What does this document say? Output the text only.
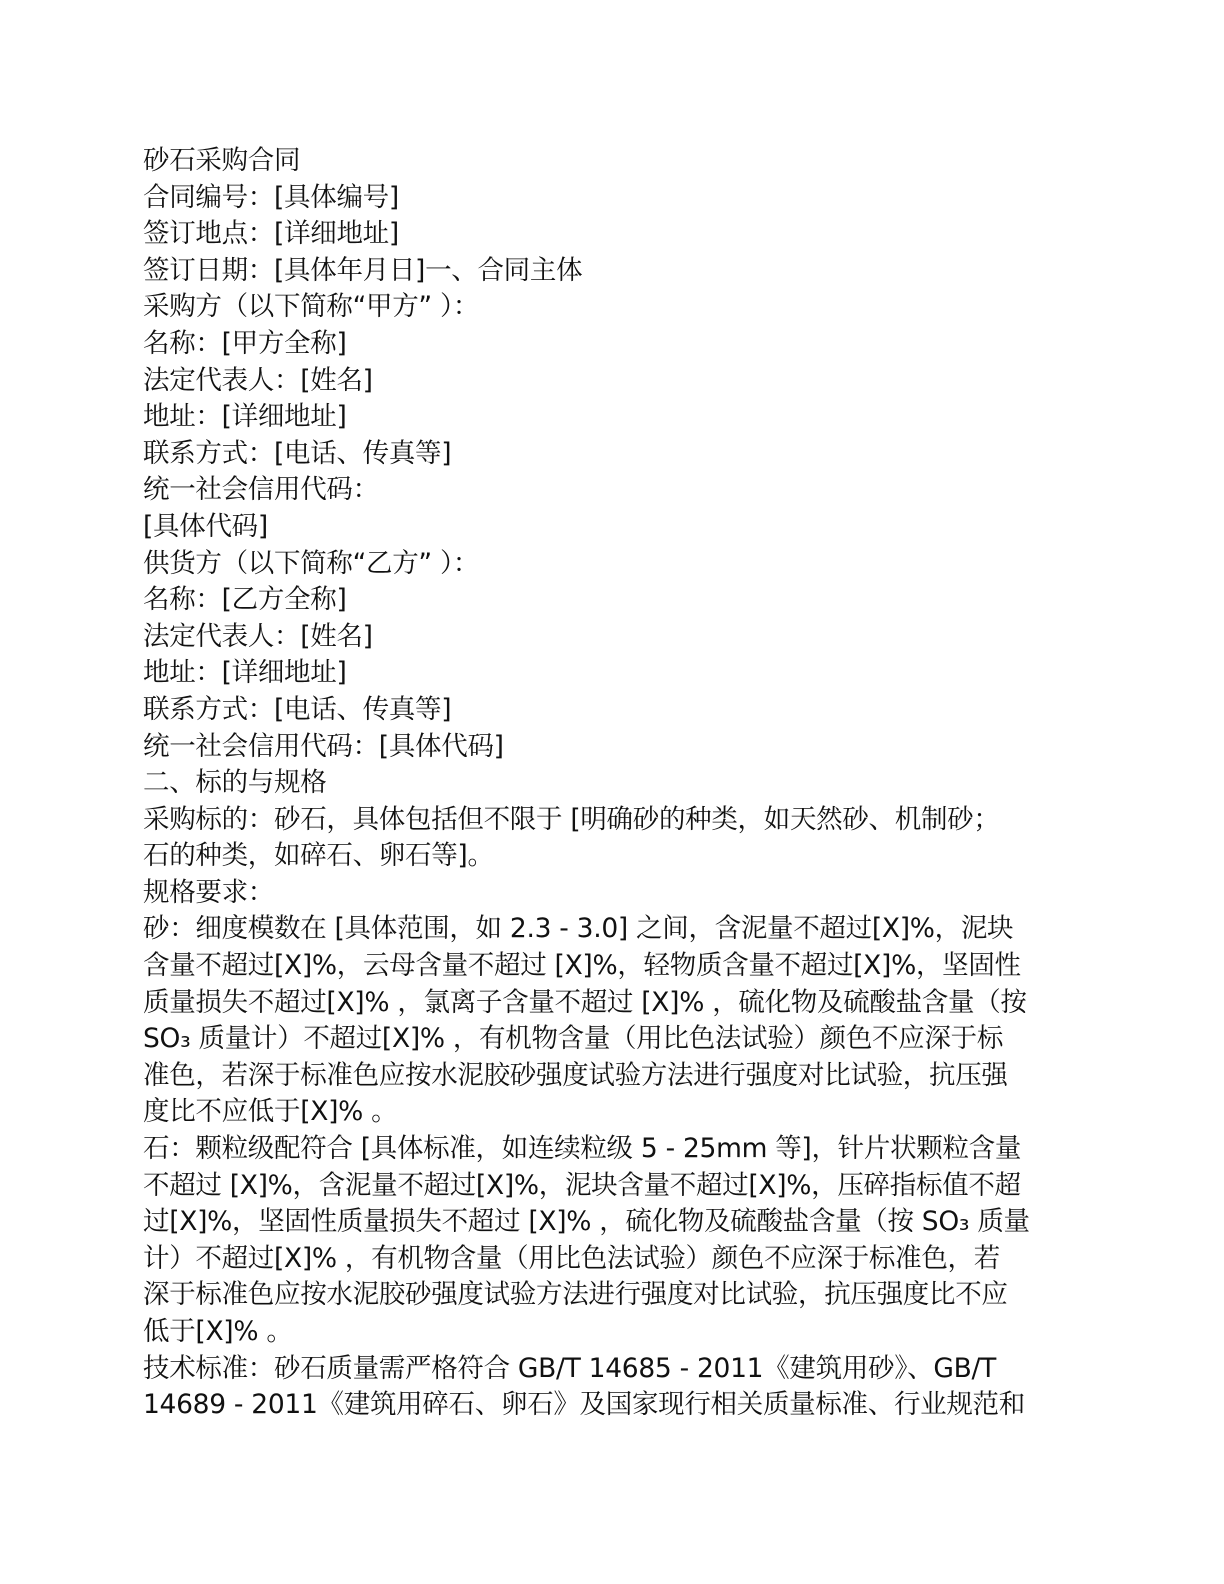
砂石采购合同
合同编号：[具体编号]
签订地点：[详细地址]
签订日期：[具体年月日]一、合同主体
采购方（以下简称“甲方” ）：
名称：[甲方全称]
法定代表人：[姓名]
地址：[详细地址]
联系方式：[电话、传真等]
统一社会信用代码：
[具体代码]
供货方（以下简称“乙方” ）：
名称：[乙方全称]
法定代表人：[姓名]
地址：[详细地址]
联系方式：[电话、传真等]
统一社会信用代码：[具体代码]
二、标的与规格
采购标的：砂石，具体包括但不限于 [明确砂的种类，如天然砂、机制砂；
石的种类，如碎石、卵石等]。
规格要求：
砂：细度模数在 [具体范围，如 2.3 - 3.0] 之间，含泥量不超过[X]%，泥块
含量不超过[X]%，云母含量不超过 [X]%，轻物质含量不超过[X]%，坚固性
质量损失不超过[X]% ，氯离子含量不超过 [X]% ，硫化物及硫酸盐含量（按
SO₃ 质量计）不超过[X]% ，有机物含量（用比色法试验）颜色不应深于标
准色，若深于标准色应按水泥胶砂强度试验方法进行强度对比试验，抗压强
度比不应低于[X]% 。
石：颗粒级配符合 [具体标准，如连续粒级 5 - 25mm 等]，针片状颗粒含量
不超过 [X]%，含泥量不超过[X]%，泥块含量不超过[X]%，压碎指标值不超
过[X]%，坚固性质量损失不超过 [X]% ，硫化物及硫酸盐含量（按 SO₃ 质量
计）不超过[X]% ，有机物含量（用比色法试验）颜色不应深于标准色，若
深于标准色应按水泥胶砂强度试验方法进行强度对比试验，抗压强度比不应
低于[X]% 。
技术标准：砂石质量需严格符合 GB/T 14685 - 2011《建筑用砂》、GB/T
14689 - 2011《建筑用碎石、卵石》及国家现行相关质量标准、行业规范和
